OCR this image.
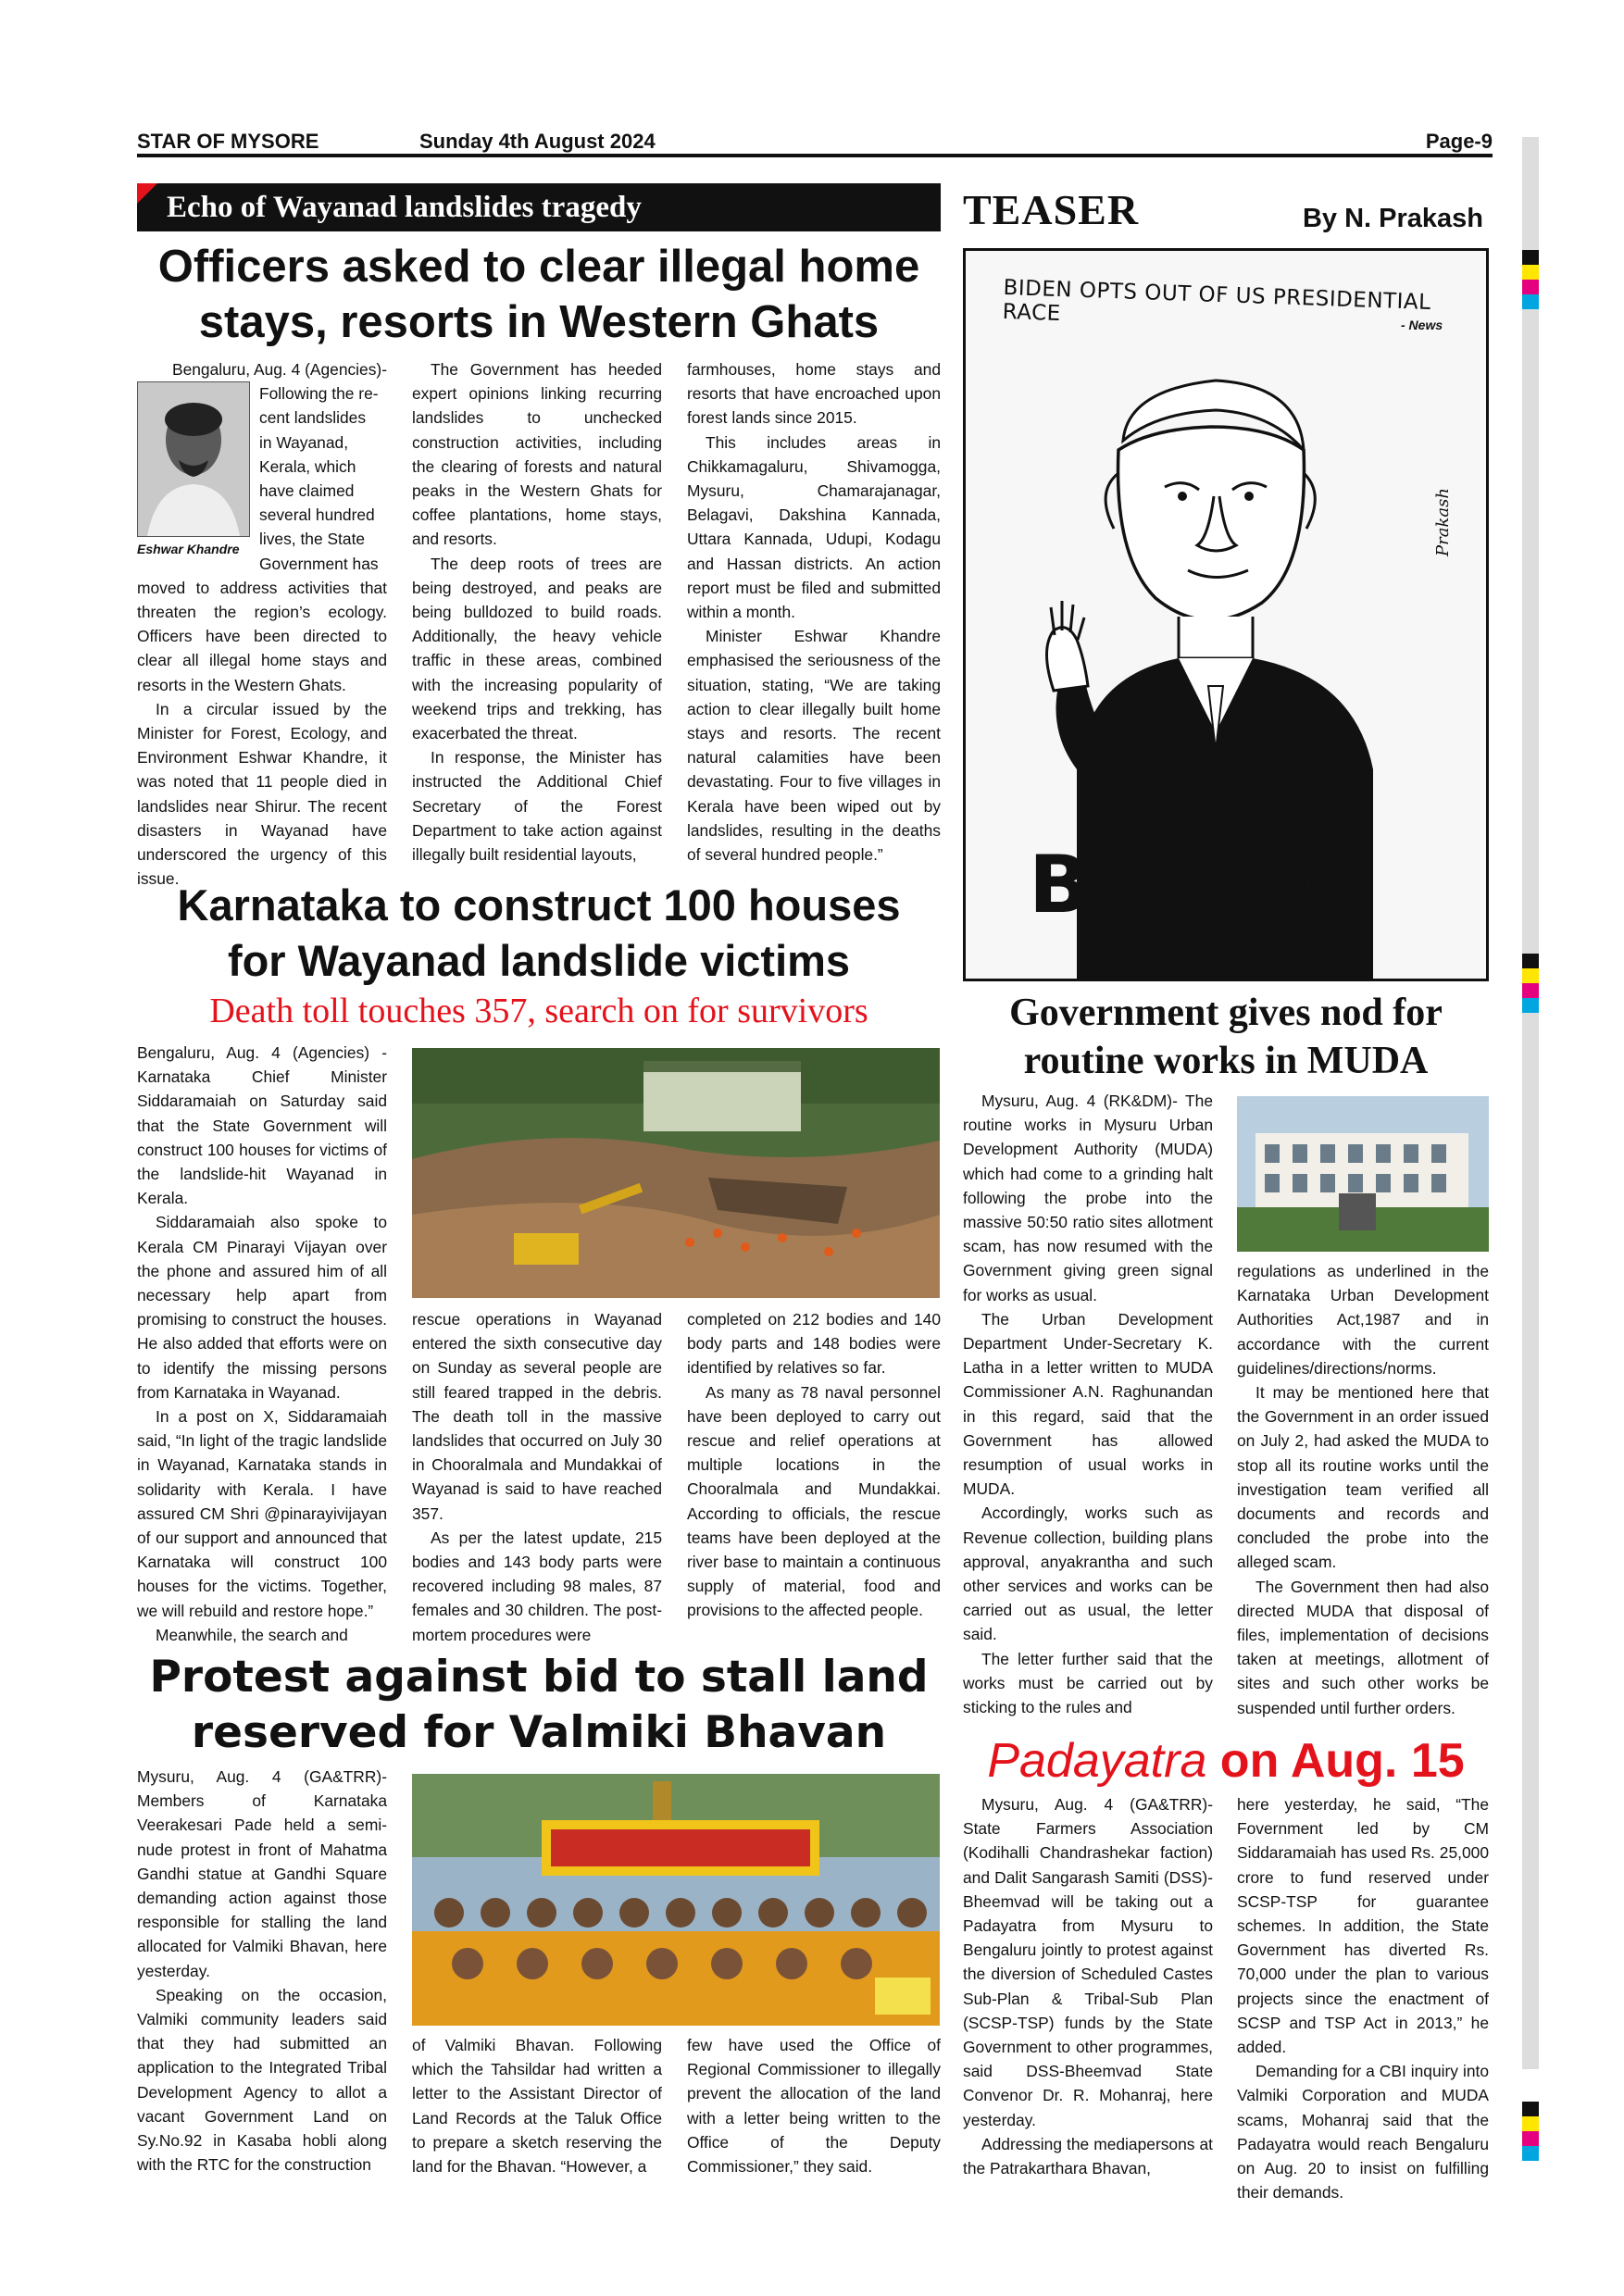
STAR OF MYSORE	Sunday 4th August 2024	Page-9
Echo of Wayanad landslides tragedy
Officers asked to clear illegal home
stays, resorts in Western Ghats

Bengaluru, Aug. 4 (Agencies)-

Eshwar Khandre
Following the re-
cent landslides
in Wayanad,
Kerala, which
have claimed
several hundred
lives, the State
Government has

moved to address activities that threaten the region’s ecology. Officers have been directed to clear all illegal home stays and resorts in the Western Ghats.

In a circular issued by the Minister for Forest, Ecology, and Environment Eshwar Khandre, it was noted that 11 people died in landslides near Shirur. The recent disasters in Wayanad have underscored the urgency of this issue.

The Government has heeded expert opinions linking recurring landslides to unchecked construction activities, including the clearing of forests and natural peaks in the Western Ghats for coffee plantations, home stays, and resorts.

The deep roots of trees are being destroyed, and peaks are being bulldozed to build roads. Additionally, the heavy vehicle traffic in these areas, combined with the increasing popularity of weekend trips and trekking, has exacerbated the threat.

In response, the Minister has instructed the Additional Chief Secretary of the Forest Department to take action against illegally built residential layouts,

farmhouses, home stays and resorts that have encroached upon forest lands since 2015.

This includes areas in Chikkamagaluru, Shivamogga, Mysuru, Chamarajanagar, Belagavi, Dakshina Kannada, Uttara Kannada, Udupi, Kodagu and Hassan districts. An action report must be filed and submitted within a month.

Minister Eshwar Khandre emphasised the seriousness of the situation, stating, “We are taking action to clear illegally built home stays and resorts. The recent natural calamities have been devastating. Four to five villages in Kerala have been wiped out by landslides, resulting in the deaths of several hundred people.”

TEASER	By N. Prakash
BIDEN OPTS OUT OF US PRESIDENTIAL RACE	- News
Prakash
BYEden
Karnataka to construct 100 houses
for Wayanad landslide victims
Death toll touches 357, search on for survivors

Bengaluru, Aug. 4 (Agencies) - Karnataka Chief Minister Siddaramaiah on Saturday said that the State Government will construct 100 houses for victims of the landslide-hit Wayanad in Kerala.

Siddaramaiah also spoke to Kerala CM Pinarayi Vijayan over the phone and assured him of all necessary help apart from promising to construct the houses. He also added that efforts were on to identify the missing persons from Karnataka in Wayanad.

In a post on X, Siddaramaiah said, “In light of the tragic landslide in Wayanad, Karnataka stands in solidarity with Kerala. I have assured CM Shri @pinarayivijayan of our support and announced that Karnataka will construct 100 houses for the victims. Together, we will rebuild and restore hope.”

Meanwhile, the search and

rescue operations in Wayanad entered the sixth consecutive day on Sunday as several people are still feared trapped in the debris. The death toll in the massive landslides that occurred on July 30 in Chooralmala and Mundakkai of Wayanad is said to have reached 357.

As per the latest update, 215 bodies and 143 body parts were recovered including 98 males, 87 females and 30 children. The post-mortem procedures were

completed on 212 bodies and 140 body parts and 148 bodies were identified by relatives so far.

As many as 78 naval personnel have been deployed to carry out rescue and relief operations at multiple locations in the Chooralmala and Mundakkai. According to officials, the rescue teams have been deployed at the river base to maintain a continuous supply of material, food and provisions to the affected people.

Government gives nod for
routine works in MUDA

Mysuru, Aug. 4 (RK&DM)- The routine works in Mysuru Urban Development Authority (MUDA) which had come to a grinding halt following the probe into the massive 50:50 ratio sites allotment scam, has now resumed with the Government giving green signal for works as usual.

The Urban Development Department Under-Secretary K. Latha in a letter written to MUDA Commissioner A.N. Raghunandan in this regard, said that the Government has allowed resumption of usual works in MUDA.

Accordingly, works such as Revenue collection, building plans approval, anyakrantha and such other services and works can be carried out as usual, the letter said.

The letter further said that the works must be carried out by sticking to the rules and

regulations as underlined in the Karnataka Urban Development Authorities Act,1987 and in accordance with the current guidelines/directions/norms.

It may be mentioned here that the Government in an order issued on July 2, had asked the MUDA to stop all its routine works until the investigation team verified all documents and records and concluded the probe into the alleged scam.

The Government then had also directed MUDA that disposal of files, implementation of decisions taken at meetings, allotment of sites and such other works be suspended until further orders.

Protest against bid to stall land
reserved for Valmiki Bhavan

Mysuru, Aug. 4 (GA&TRR)- Members of Karnataka Veerakesari Pade held a semi-nude protest in front of Mahatma Gandhi statue at Gandhi Square demanding action against those responsible for stalling the land allocated for Valmiki Bhavan, here yesterday.

Speaking on the occasion, Valmiki community leaders said that they had submitted an application to the Integrated Tribal Development Agency to allot a vacant Government Land on Sy.No.92 in Kasaba hobli along with the RTC for the construction

of Valmiki Bhavan. Following which the Tahsildar had written a letter to the Assistant Director of Land Records at the Taluk Office to prepare a sketch reserving the land for the Bhavan. “However, a

few have used the Office of Regional Commissioner to illegally prevent the allocation of the land with a letter being written to the Office of the Deputy Commissioner,” they said.

Padayatra on Aug. 15

Mysuru, Aug. 4 (GA&TRR)- State Farmers Association (Kodihalli Chandrashekar faction) and Dalit Sangarash Samiti (DSS)-Bheemvad will be taking out a Padayatra from Mysuru to Bengaluru jointly to protest against the diversion of Scheduled Castes Sub-Plan & Tribal-Sub Plan (SCSP-TSP) funds by the State Government to other programmes, said DSS-Bheemvad State Convenor Dr. R. Mohanraj, here yesterday.

Addressing the mediapersons at the Patrakarthara Bhavan,

here yesterday, he said, “The Fovernment led by CM Siddaramaiah has used Rs. 25,000 crore to fund reserved under SCSP-TSP for guarantee schemes. In addition, the State Government has diverted Rs. 70,000 under the plan to various projects since the enactment of SCSP and TSP Act in 2013,” he added.

Demanding for a CBI inquiry into Valmiki Corporation and MUDA scams, Mohanraj said that the Padayatra would reach Bengaluru on Aug. 20 to insist on fulfilling their demands.
